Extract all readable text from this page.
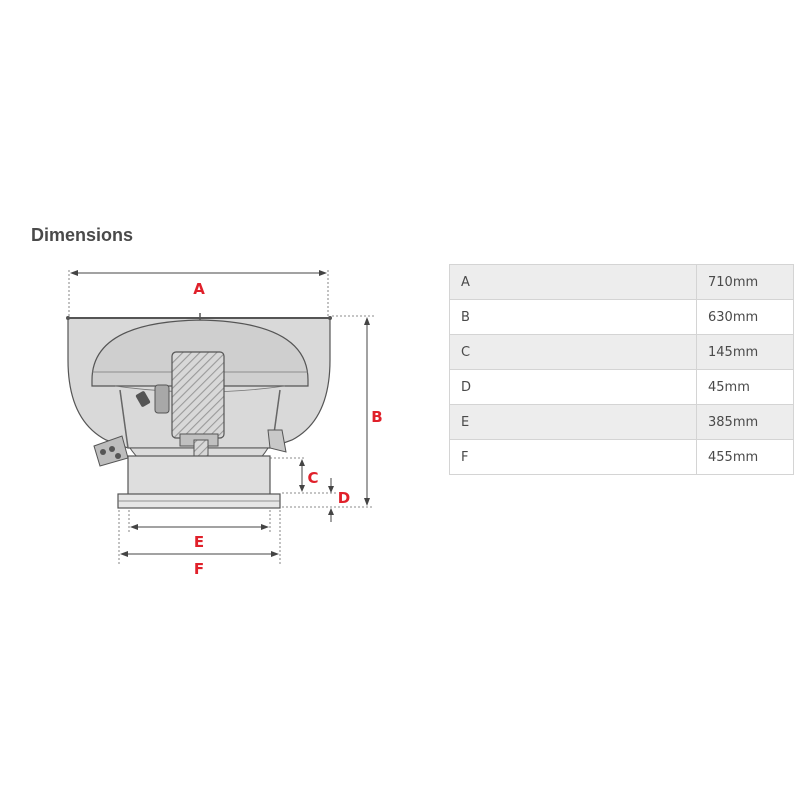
Dimensions
A
B
C
D
E
F
A	710mm
B	630mm
C	145mm
D	45mm
E	385mm
F	455mm
